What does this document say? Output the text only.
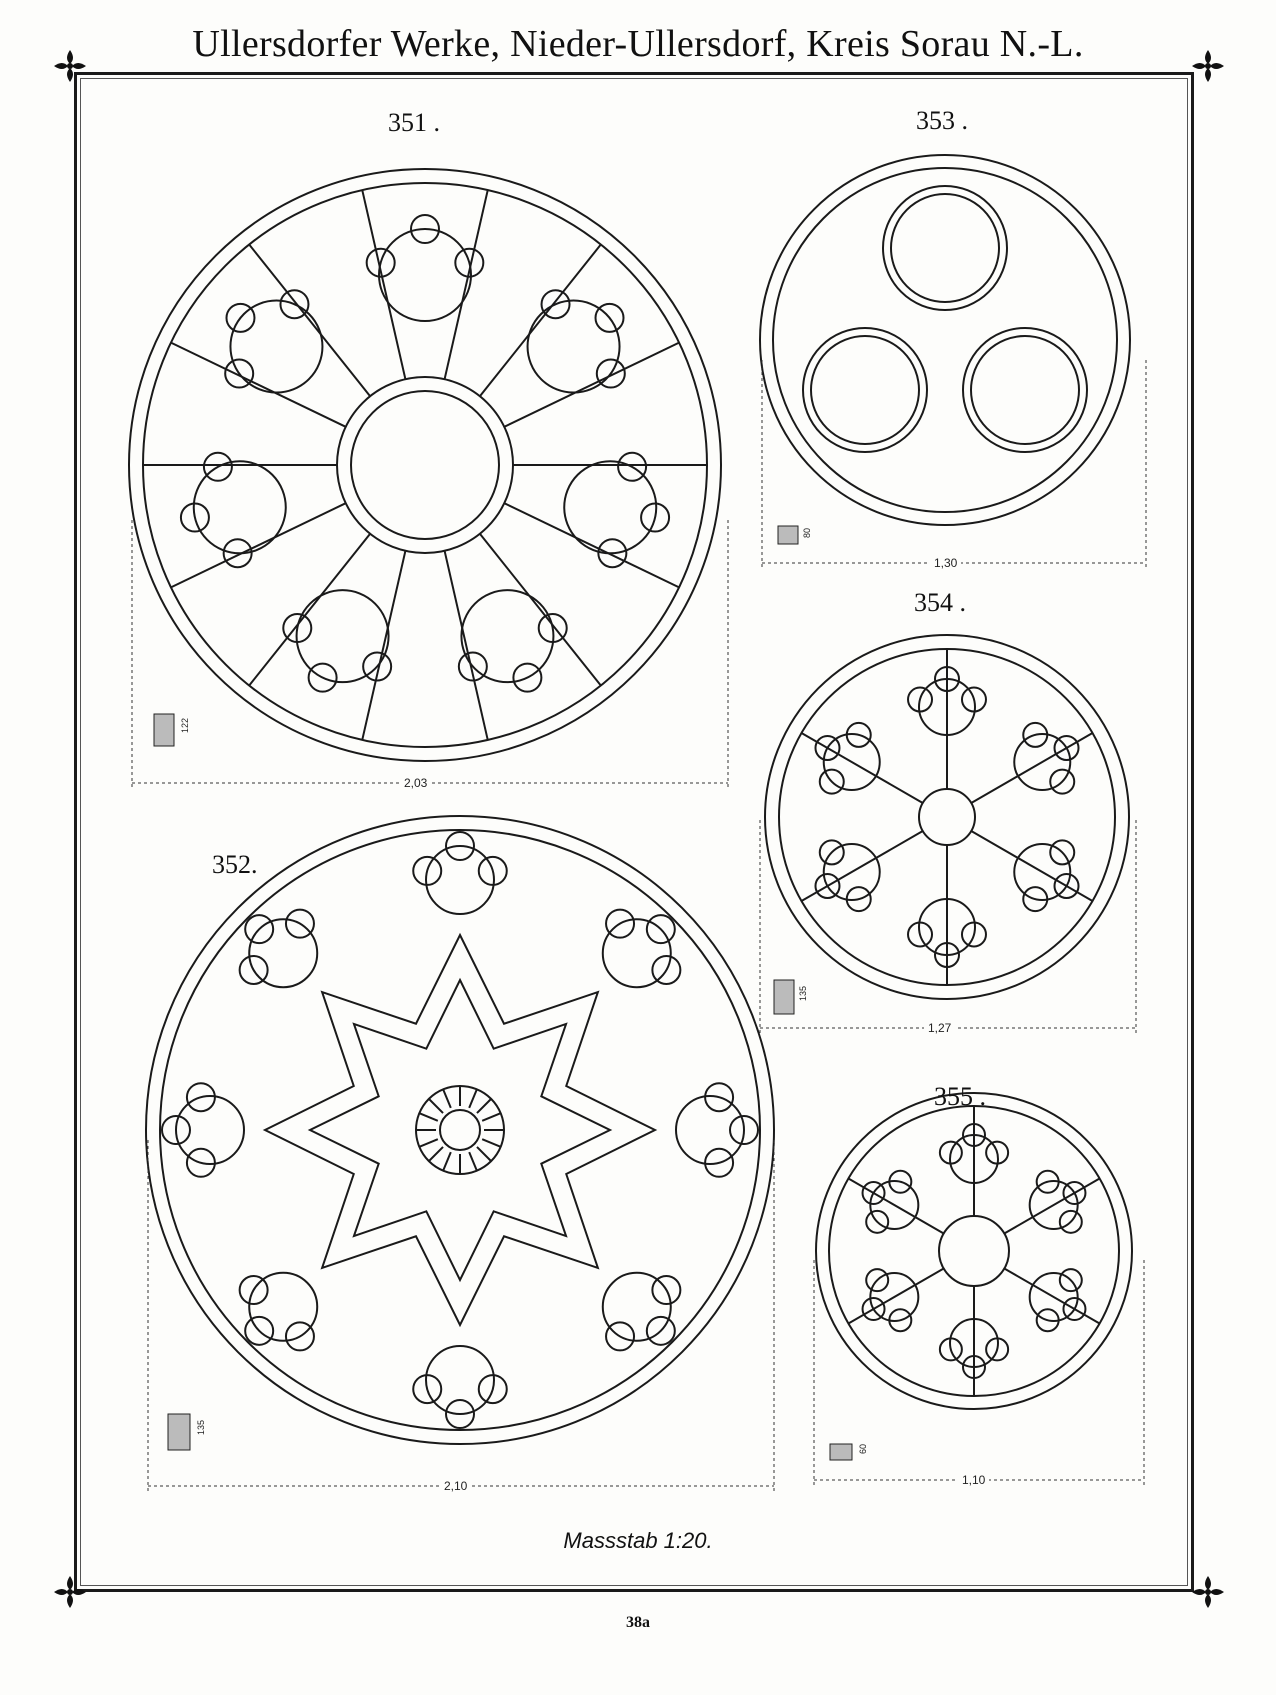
Ullersdorfer Werke, Nieder-Ullersdorf, Kreis Sorau N.-L.
351 .
352.
353 .
354 .
355 .
2,03
2,10
1,30
1,27
1,10
122
135
80
135
60
Massstab 1:20.
38a
